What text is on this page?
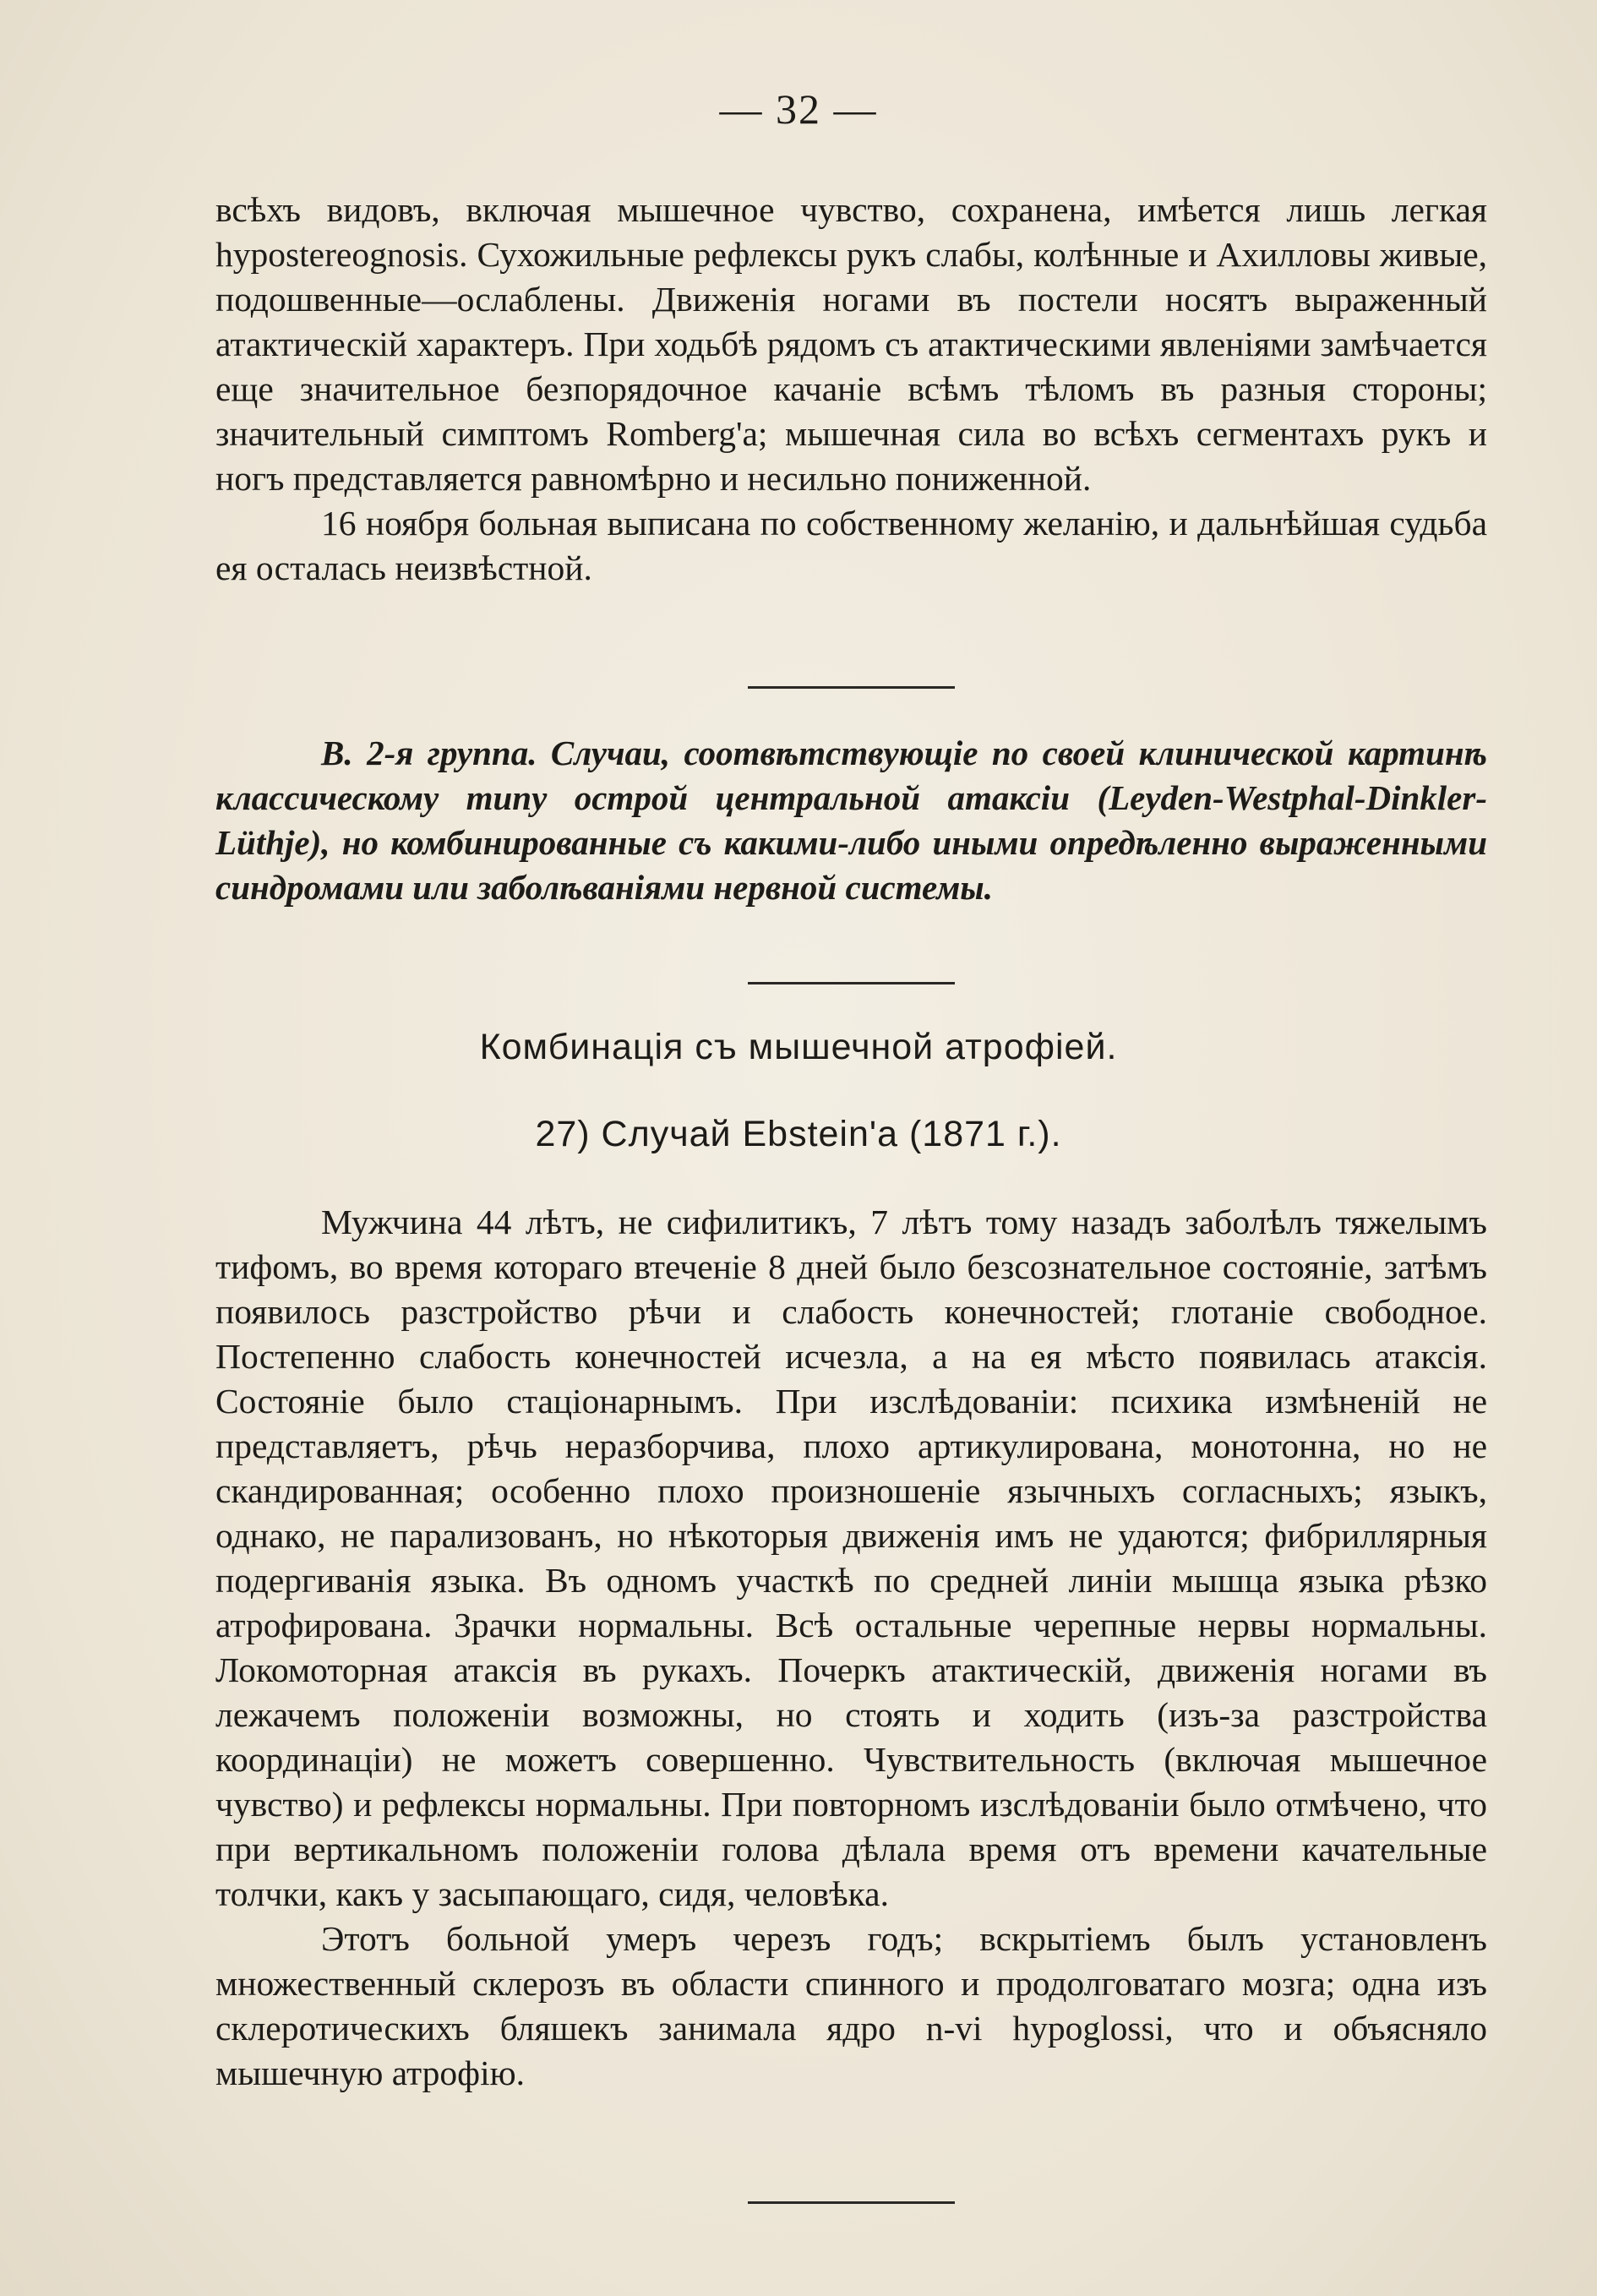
— 32 —

всѣхъ видовъ, включая мышечное чувство, сохранена, имѣется лишь легкая hypostereognosis. Сухожильные рефлексы рукъ слабы, колѣнные и Ахилловы живые, подошвенные—ослаблены. Движенія ногами въ постели носятъ выраженный атактическій характеръ. При ходьбѣ рядомъ съ атактическими явленіями замѣчается еще значительное безпорядочное качаніе всѣмъ тѣломъ въ разныя стороны; значительный симптомъ Romberg'а; мышечная сила во всѣхъ сегментахъ рукъ и ногъ представляется равномѣрно и несильно пониженной.

16 ноября больная выписана по собственному желанію, и дальнѣйшая судьба ея осталась неизвѣстной.

B. 2-я группа. Случаи, соотвѣтствующіе по своей клинической картинѣ классическому типу острой центральной атаксіи (Leyden-Westphal-Dinkler-Lüthje), но комбинированные съ какими-либо иными опредѣленно выраженными синдромами или заболѣваніями нервной системы.

Комбинація съ мышечной атрофіей.
27) Случай Ebstein'а (1871 г.).

Мужчина 44 лѣтъ, не сифилитикъ, 7 лѣтъ тому назадъ заболѣлъ тяжелымъ тифомъ, во время котораго втеченіе 8 дней было безсознательное состояніе, затѣмъ появилось разстройство рѣчи и слабость конечностей; глотаніе свободное. Постепенно слабость конечностей исчезла, а на ея мѣсто появилась атаксія. Состояніе было стаціонарнымъ. При изслѣдованіи: психика измѣненій не представляетъ, рѣчь неразборчива, плохо артикулирована, монотонна, но не скандированная; особенно плохо произношеніе язычныхъ согласныхъ; языкъ, однако, не парализованъ, но нѣкоторыя движенія имъ не удаются; фибриллярныя подергиванія языка. Въ одномъ участкѣ по средней линіи мышца языка рѣзко атрофирована. Зрачки нормальны. Всѣ остальные черепные нервы нормальны. Локомоторная атаксія въ рукахъ. Почеркъ атактическій, движенія ногами въ лежачемъ положеніи возможны, но стоять и ходить (изъ-за разстройства координаціи) не можетъ совершенно. Чувствительность (включая мышечное чувство) и рефлексы нормальны. При повторномъ изслѣдованіи было отмѣчено, что при вертикальномъ положеніи голова дѣлала время отъ времени качательные толчки, какъ у засыпающаго, сидя, человѣка.

Этотъ больной умеръ черезъ годъ; вскрытіемъ былъ установленъ множественный склерозъ въ области спинного и продолговатаго мозга; одна изъ склеротическихъ бляшекъ занимала ядро n-vi hypoglossi, что и объясняло мышечную атрофію.
